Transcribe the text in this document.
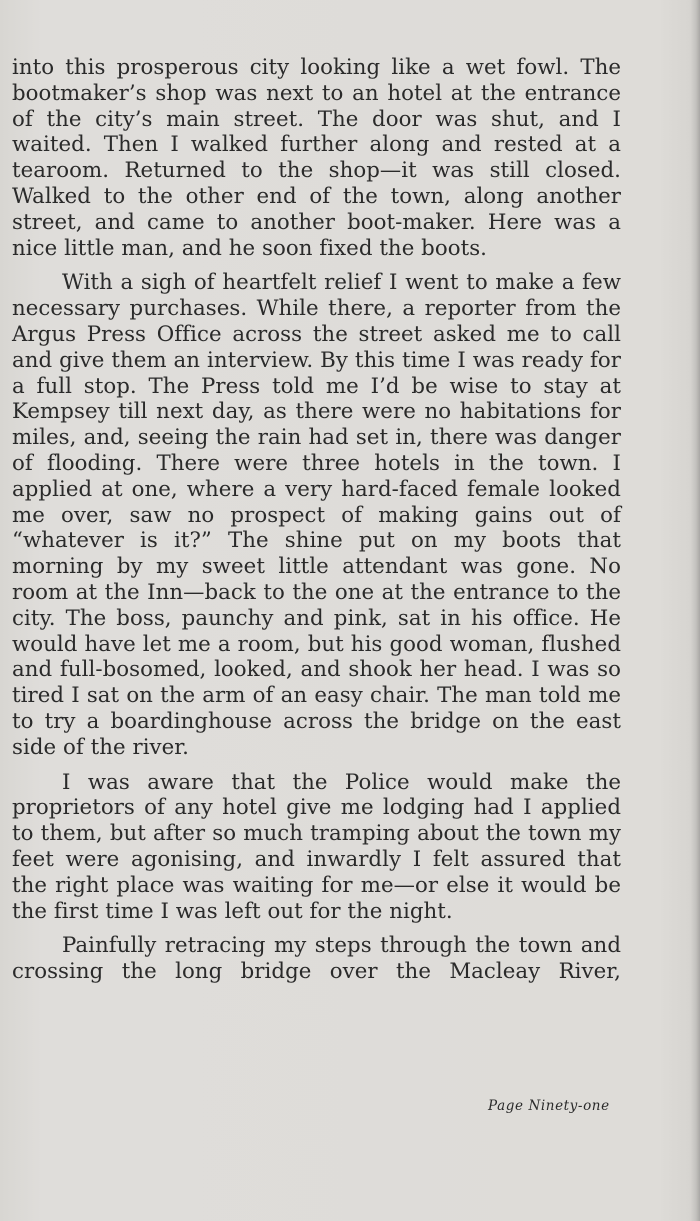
into this prosperous city looking like a wet fowl. The bootmaker’s shop was next to an hotel at the entrance of the city’s main street. The door was shut, and I waited. Then I walked further along and rested at a tearoom. Returned to the shop—it was still closed. Walked to the other end of the town, along another street, and came to another boot-maker. Here was a nice little man, and he soon fixed the boots.

With a sigh of heartfelt relief I went to make a few necessary purchases. While there, a reporter from the Argus Press Office across the street asked me to call and give them an interview. By this time I was ready for a full stop. The Press told me I’d be wise to stay at Kempsey till next day, as there were no habitations for miles, and, seeing the rain had set in, there was danger of flooding. There were three hotels in the town. I applied at one, where a very hard-faced female looked me over, saw no prospect of making gains out of “whatever is it?” The shine put on my boots that morning by my sweet little attendant was gone. No room at the Inn—back to the one at the entrance to the city. The boss, paunchy and pink, sat in his office. He would have let me a room, but his good woman, flushed and full-bosomed, looked, and shook her head. I was so tired I sat on the arm of an easy chair. The man told me to try a boardinghouse across the bridge on the east side of the river.

I was aware that the Police would make the proprietors of any hotel give me lodging had I applied to them, but after so much tramping about the town my feet were agonising, and inwardly I felt assured that the right place was waiting for me—or else it would be the first time I was left out for the night.

Painfully retracing my steps through the town and crossing the long bridge over the Macleay River,

Page Ninety-one
